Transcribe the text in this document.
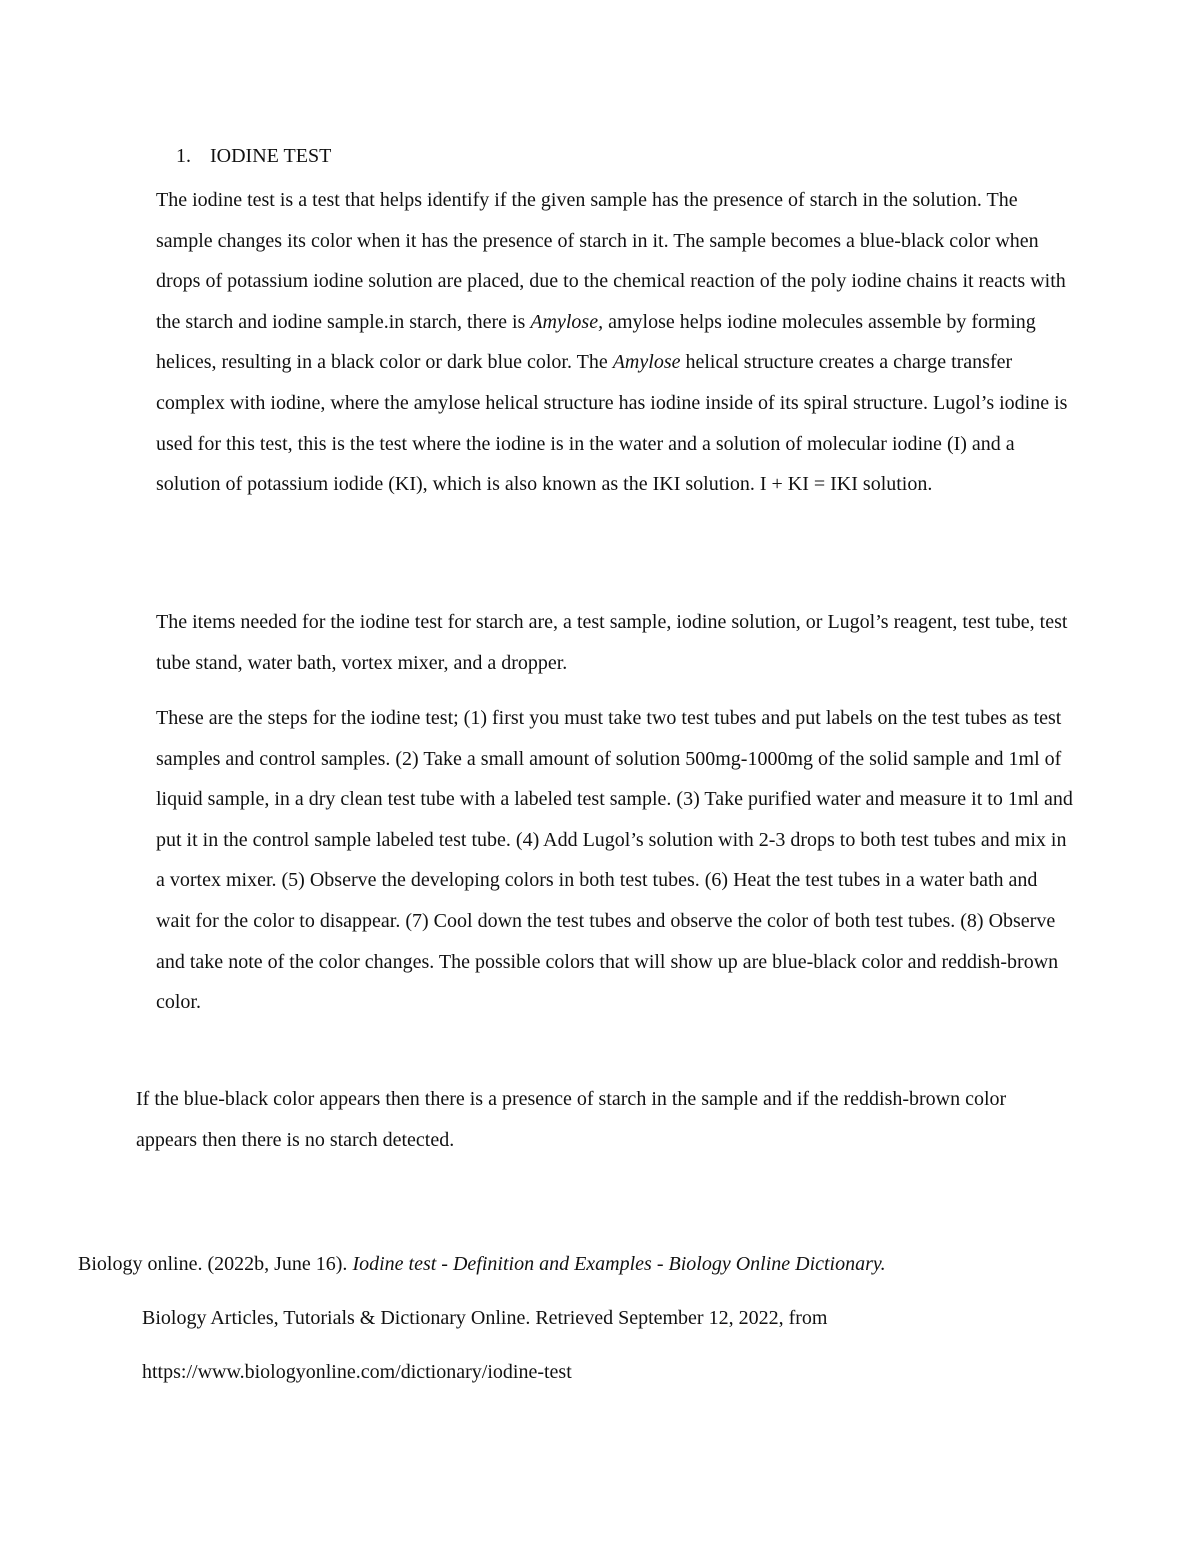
1. IODINE TEST

The iodine test is a test that helps identify if the given sample has the presence of starch in the solution. The sample changes its color when it has the presence of starch in it. The sample becomes a blue-black color when drops of potassium iodine solution are placed, due to the chemical reaction of the poly iodine chains it reacts with the starch and iodine sample.in starch, there is Amylose, amylose helps iodine molecules assemble by forming helices, resulting in a black color or dark blue color. The Amylose helical structure creates a charge transfer complex with iodine, where the amylose helical structure has iodine inside of its spiral structure. Lugol’s iodine is used for this test, this is the test where the iodine is in the water and a solution of molecular iodine (I) and a solution of potassium iodide (KI), which is also known as the IKI solution. I + KI = IKI solution.

The items needed for the iodine test for starch are, a test sample, iodine solution, or Lugol’s reagent, test tube, test tube stand, water bath, vortex mixer, and a dropper.

These are the steps for the iodine test; (1) first you must take two test tubes and put labels on the test tubes as test samples and control samples. (2) Take a small amount of solution 500mg-1000mg of the solid sample and 1ml of liquid sample, in a dry clean test tube with a labeled test sample. (3) Take purified water and measure it to 1ml and put it in the control sample labeled test tube. (4) Add Lugol’s solution with 2-3 drops to both test tubes and mix in a vortex mixer. (5) Observe the developing colors in both test tubes. (6) Heat the test tubes in a water bath and wait for the color to disappear. (7) Cool down the test tubes and observe the color of both test tubes. (8) Observe and take note of the color changes. The possible colors that will show up are blue-black color and reddish-brown color.

If the blue-black color appears then there is a presence of starch in the sample and if the reddish-brown color appears then there is no starch detected.

Biology online. (2022b, June 16). Iodine test - Definition and Examples - Biology Online Dictionary.
Biology Articles, Tutorials & Dictionary Online. Retrieved September 12, 2022, from
https://www.biologyonline.com/dictionary/iodine-test
